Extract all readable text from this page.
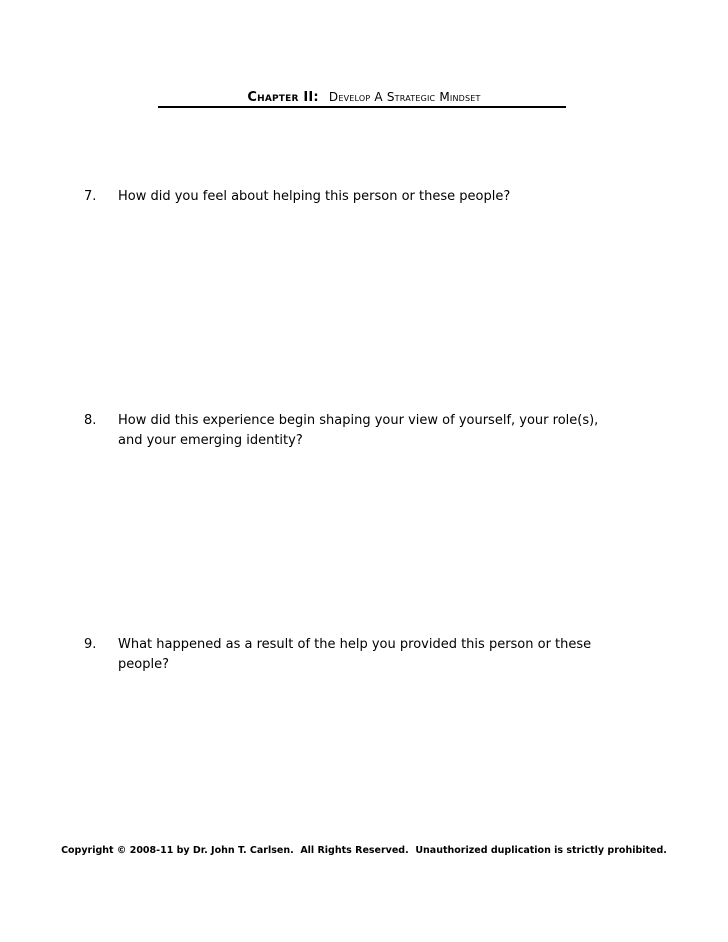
Chapter II: Develop A Strategic Mindset
7.	How did you feel about helping this person or these people?
8.	How did this experience begin shaping your view of yourself, your role(s), and your emerging identity?
9.	What happened as a result of the help you provided this person or these people?
Copyright © 2008-11 by Dr. John T. Carlsen.  All Rights Reserved.  Unauthorized duplication is strictly prohibited.
